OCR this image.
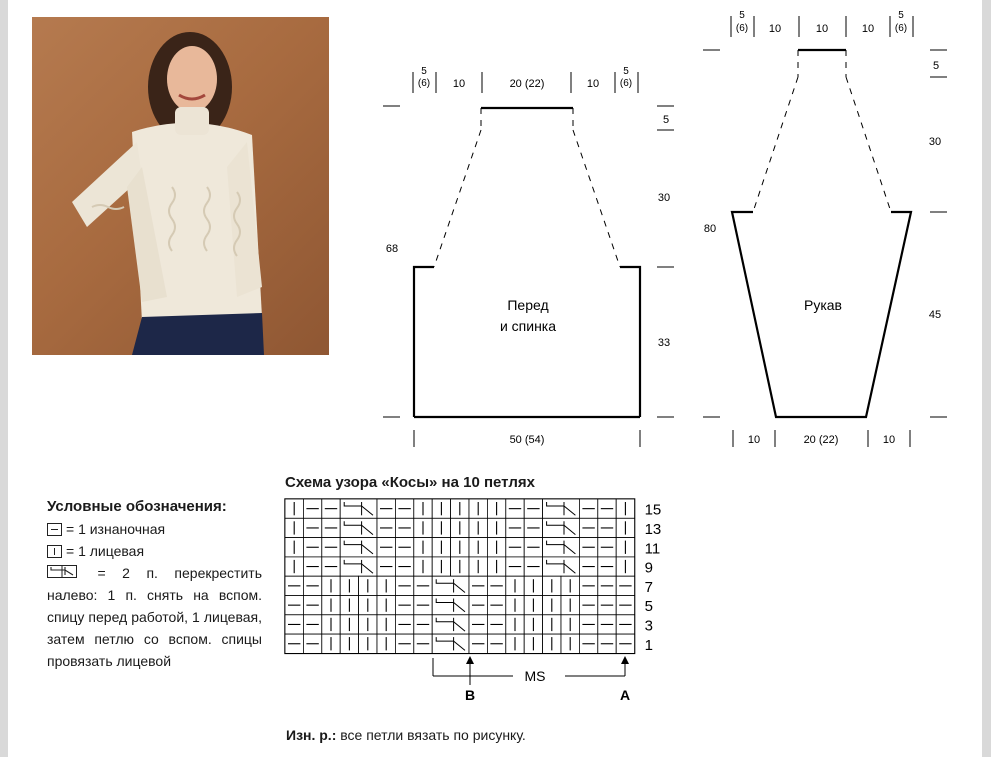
5
(6) 10	20 (22)	10
5
(6)
5
30
33
68
50 (54)
Перед
и спинка
5
(6) 10	10	10
5
(6)
5
30
45
80
10	20 (22)	10
Рукав
15
13
11
9
7
5
3
1
MS
B	A
Схема узора «Косы» на 10 петлях
Условные обозначения:
= 1 изнаночная
= 1 лицевая
= 2 п. перекрестить налево: 1 п. снять на вспом. спицу перед работой, 1 лицевая, затем петлю со вспом. спицы провязать лицевой
Изн. р.: все петли вязать по рисунку.
